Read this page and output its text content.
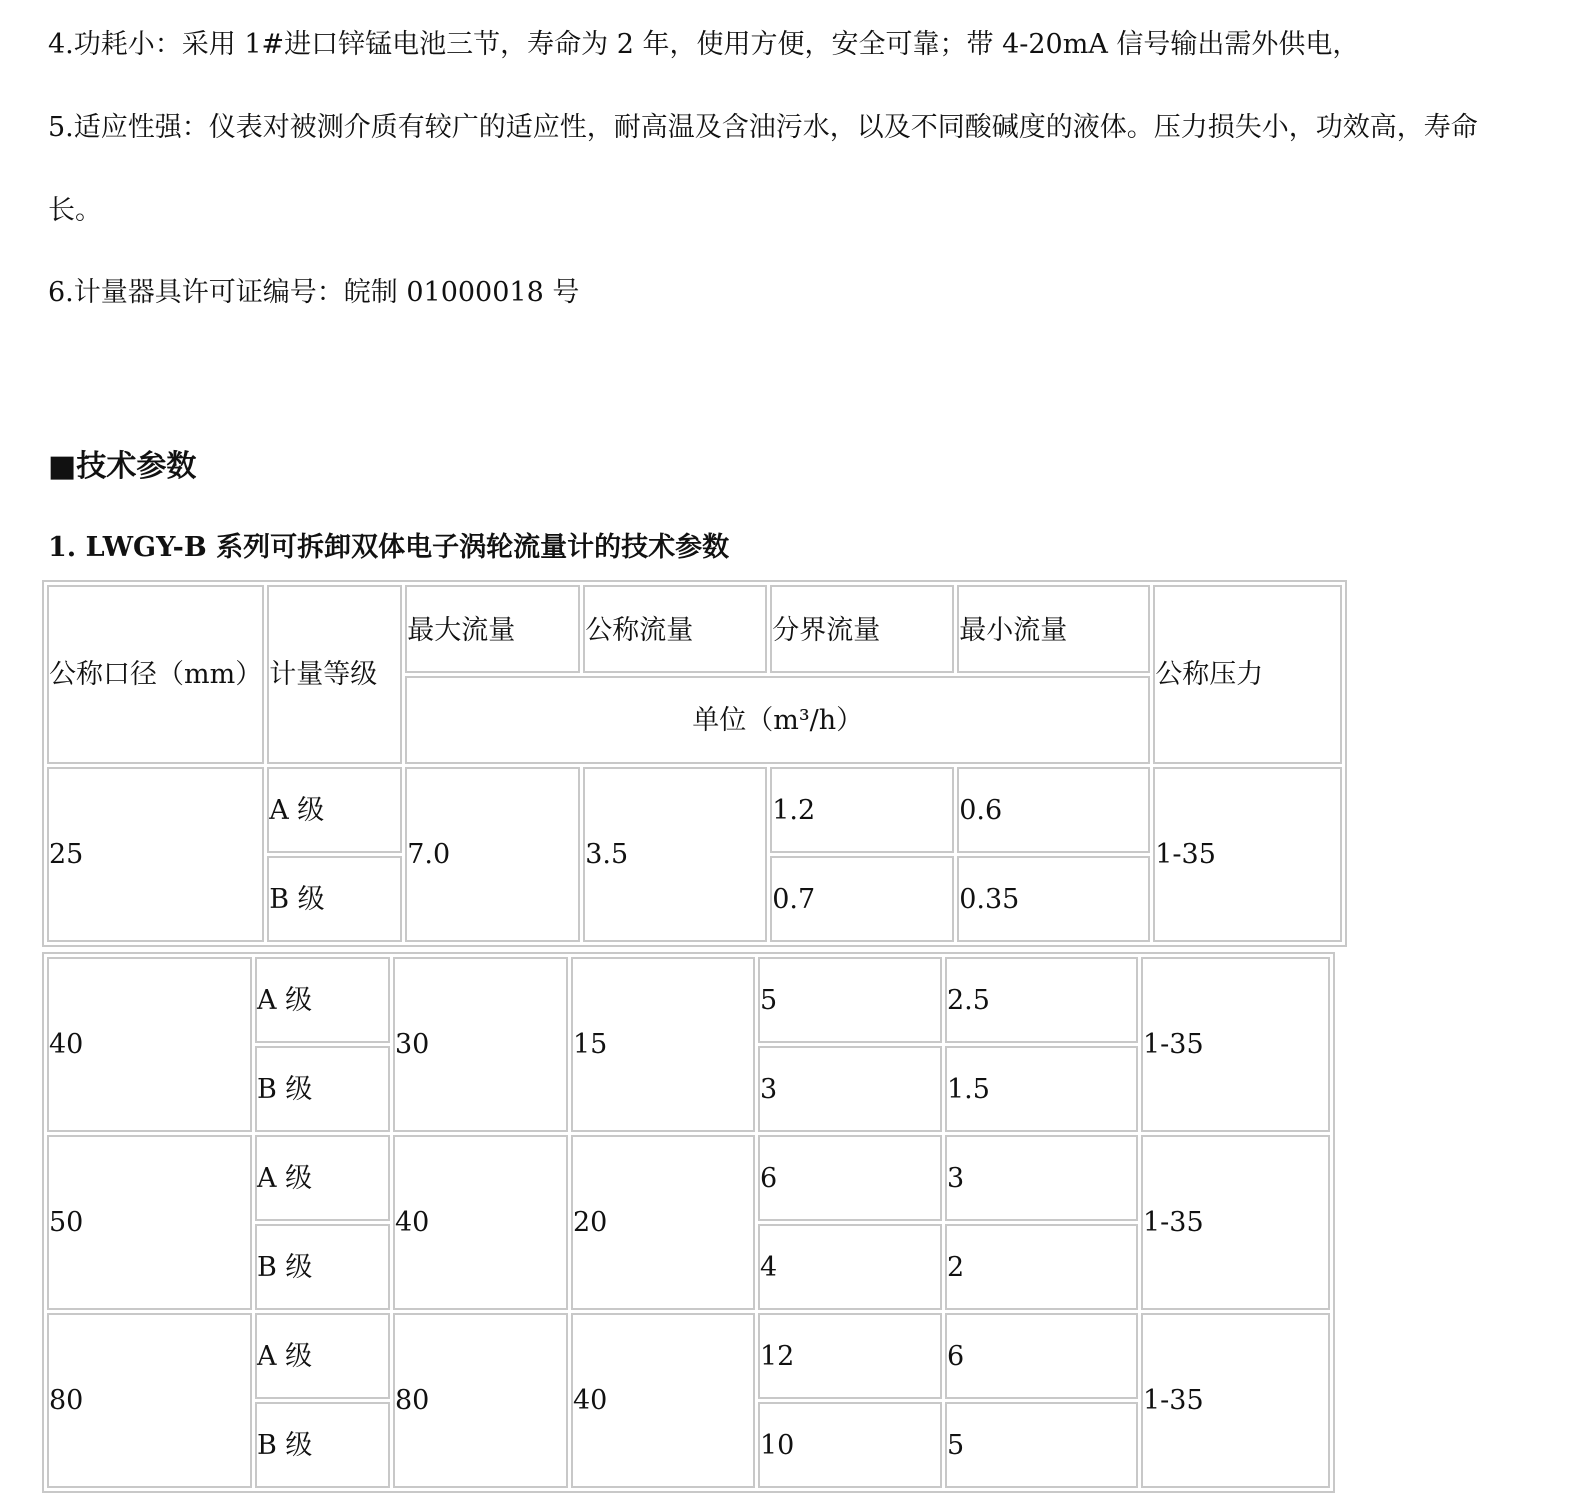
4.功耗小：采用 1#进口锌锰电池三节，寿命为 2 年，使用方便，安全可靠；带 4-20mA 信号输出需外供电，

5.适应性强：仪表对被测介质有较广的适应性，耐高温及含油污水，以及不同酸碱度的液体。压力损失小，功效高，寿命

长。

6.计量器具许可证编号：皖制 01000018 号

■技术参数
1. LWGY-B 系列可拆卸双体电子涡轮流量计的技术参数
公称口径（mm）	计量等级	最大流量	公称流量	分界流量	最小流量	公称压力
		单位（m³/h）				
25	A 级	7.0	3.5	1.2	0.6	1-35
	B 级			0.7	0.35	
40	A 级	30	15	5	2.5	1-35
	B 级			3	1.5	
50	A 级	40	20	6	3	1-35
	B 级			4	2	
80	A 级	80	40	12	6	1-35
	B 级			10	5	
